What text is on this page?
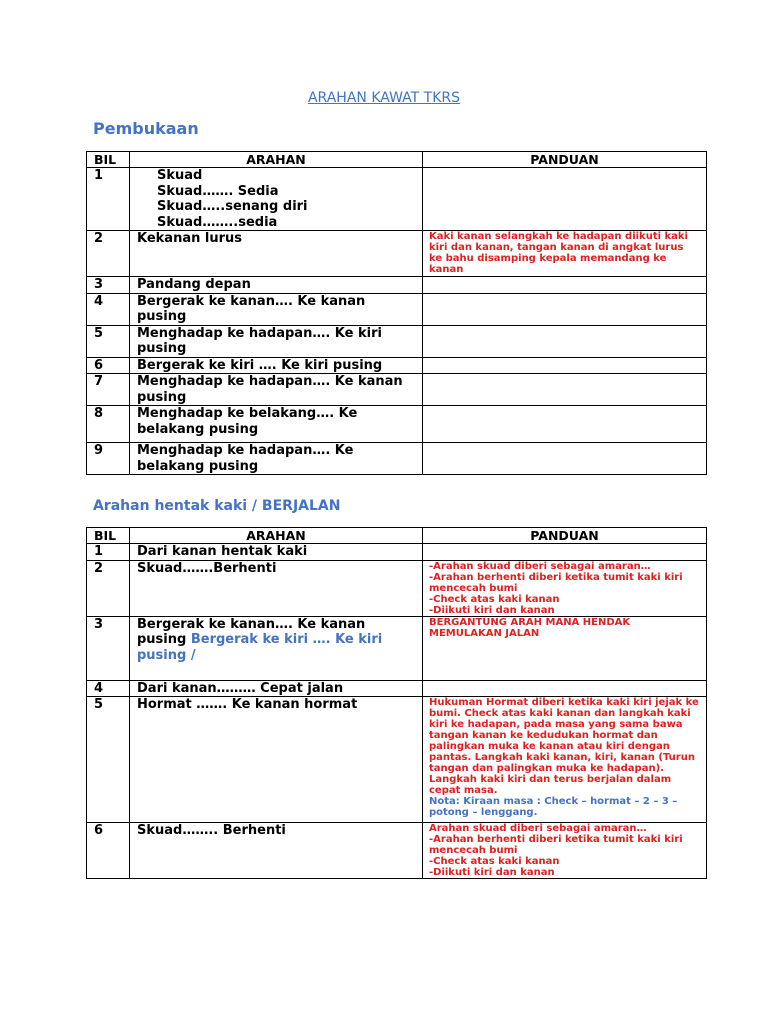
ARAHAN KAWAT TKRS
Pembukaan
BIL	ARAHAN	PANDUAN
1	Skuad
Skuad……. Sedia
Skuad…..senang diri
Skuad……..sedia	

2	Kekanan lurus	Kaki kanan selangkah ke hadapan diikuti kaki kiri dan kanan, tangan kanan di angkat lurus ke bahu disamping kepala memandang ke kanan
3	Pandang depan	
4	Bergerak ke kanan…. Ke kanan pusing	
5	Menghadap ke hadapan…. Ke kiri pusing	
6	Bergerak ke kiri …. Ke kiri pusing	
7	Menghadap ke hadapan…. Ke kanan pusing	
8	Menghadap ke belakang…. Ke belakang pusing	
9	Menghadap ke hadapan…. Ke belakang pusing	
Arahan hentak kaki / BERJALAN
BIL	ARAHAN	PANDUAN
1	Dari kanan hentak kaki	
2	Skuad…….Berhenti	-Arahan skuad diberi sebagai amaran…
-Arahan berhenti diberi ketika tumit kaki kiri mencecah bumi
-Check atas kaki kanan
-Diikuti kiri dan kanan

3	Bergerak ke kanan…. Ke kanan pusing Bergerak ke kiri …. Ke kiri pusing /	BERGANTUNG ARAH MANA HENDAK MEMULAKAN JALAN

4	Dari kanan……… Cepat jalan	
5	Hormat ……. Ke kanan hormat	Hukuman Hormat diberi ketika kaki kiri jejak ke bumi. Check atas kaki kanan dan langkah kaki kiri ke hadapan, pada masa yang sama bawa tangan kanan ke kedudukan hormat dan palingkan muka ke kanan atau kiri dengan pantas. Langkah kaki kanan, kiri, kanan (Turun tangan dan palingkan muka ke hadapan). Langkah kaki kiri dan terus berjalan dalam cepat masa.
Nota: Kiraan masa : Check – hormat – 2 – 3 – potong – lenggang.

6	Skuad…….. Berhenti	Arahan skuad diberi sebagai amaran…
-Arahan berhenti diberi ketika tumit kaki kiri mencecah bumi
-Check atas kaki kanan
-Diikuti kiri dan kanan
